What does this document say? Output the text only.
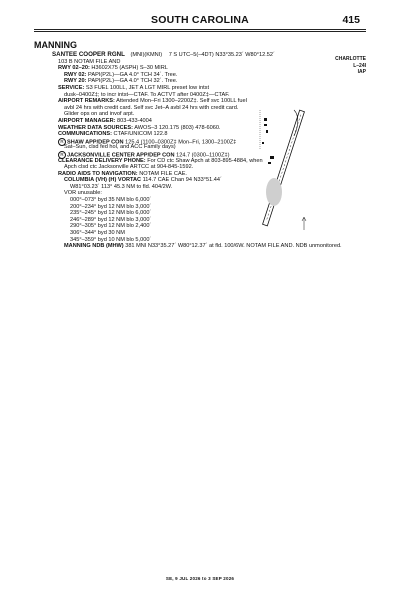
SOUTH CAROLINA	415
MANNING
CHARLOTTE
L–24I
IAP
SANTEE COOPER RGNL (MNI)(KMNI) 7 S UTC–5(–4DT) N33°35.23´ W80°12.52´
103 B NOTAM FILE AND
RWY 02–20: H3602X75 (ASPH) S–30 MIRL
RWY 02: PAPI(P2L)—GA 4.0° TCH 34´. Tree.
RWY 20: PAPI(P2L)—GA 4.0° TCH 32´. Tree.
SERVICE: S3 FUEL 100LL, JET A LGT MIRL preset low intst
dusk–0400Z‡; to incr intst—CTAF. To ACTVT after 0400Z‡—CTAF.
AIRPORT REMARKS: Attended Mon–Fri 1300–2200Z‡. Self svc 100LL fuel
avbl 24 hrs with credit card. Self svc Jet–A avbl 24 hrs with credit card.
Glider ops on and invof arpt.
AIRPORT MANAGER: 803-433-4004
WEATHER DATA SOURCES: AWOS–3 120.175 (803) 478-6060.
COMMUNICATIONS: CTAF/UNICOM 122.8
R SHAW APP/DEP CON 125.4 (1100–0300Z‡ Mon–Fri, 1300–2100Z‡
Sat–Sun, clsd fed hol, and ACC Family days)
R JACKSONVILLE CENTER APP/DEP CON 124.7 (0300–1100Z‡)
CLEARANCE DELIVERY PHONE: For CD ctc Shaw Apch at 803-895-4884, when
Apch clsd ctc Jacksonville ARTCC at 904-845-1592.
RADIO AIDS TO NAVIGATION: NOTAM FILE CAE.
COLUMBIA (VH) (H) VORTAC 114.7 CAE Chan 94 N33°51.44´
W81°03.23´ 113° 45.3 NM to fld. 404/2W.
VOR unusable:
000°–073° byd 35 NM blo 6,000´
200°–234° byd 12 NM blo 3,000´
235°–245° byd 12 NM blo 6,000´
246°–289° byd 12 NM blo 3,000´
290°–305° byd 12 NM blo 2,400´
306°–344° byd 30 NM
345°–359° byd 10 NM blo 5,000´
MANNING NDB (MHW) 381 MNI N33°35.27´ W80°12.37´ at fld. 100/6W. NOTAM FILE AND. NDB unmonitored.
SE, 9 JUL 2026 to 3 SEP 2026
